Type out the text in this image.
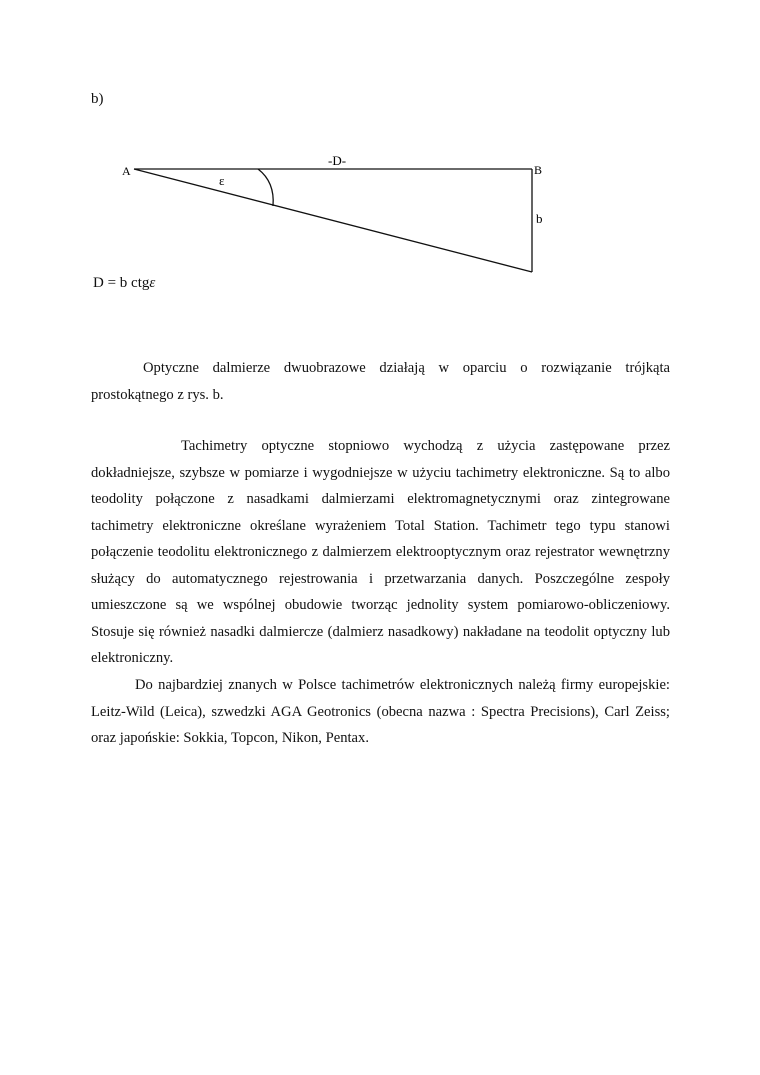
b)
A	B
-D-
ε
b
D = b ctgε

Optyczne dalmierze dwuobrazowe działają w oparciu o rozwiązanie trójkąta prostokątnego z rys. b.

Tachimetry optyczne stopniowo wychodzą z użycia zastępowane przez dokładniejsze, szybsze w pomiarze i wygodniejsze w użyciu tachimetry elektroniczne. Są to albo teodolity połączone z nasadkami dalmierzami elektromagnetycznymi oraz zintegrowane tachimetry elektroniczne określane wyrażeniem Total Station. Tachimetr tego typu stanowi połączenie teodolitu elektronicznego z dalmierzem elektrooptycznym oraz rejestrator wewnętrzny służący do automatycznego rejestrowania i przetwarzania danych. Poszczególne zespoły umieszczone są we wspólnej obudowie tworząc jednolity system pomiarowo-obliczeniowy. Stosuje się również nasadki dalmiercze (dalmierz nasadkowy) nakładane na teodolit optyczny lub elektroniczny.

Do najbardziej znanych w Polsce tachimetrów elektronicznych należą firmy europejskie: Leitz-Wild (Leica), szwedzki AGA Geotronics (obecna nazwa : Spectra Precisions), Carl Zeiss; oraz japońskie: Sokkia, Topcon, Nikon, Pentax.
